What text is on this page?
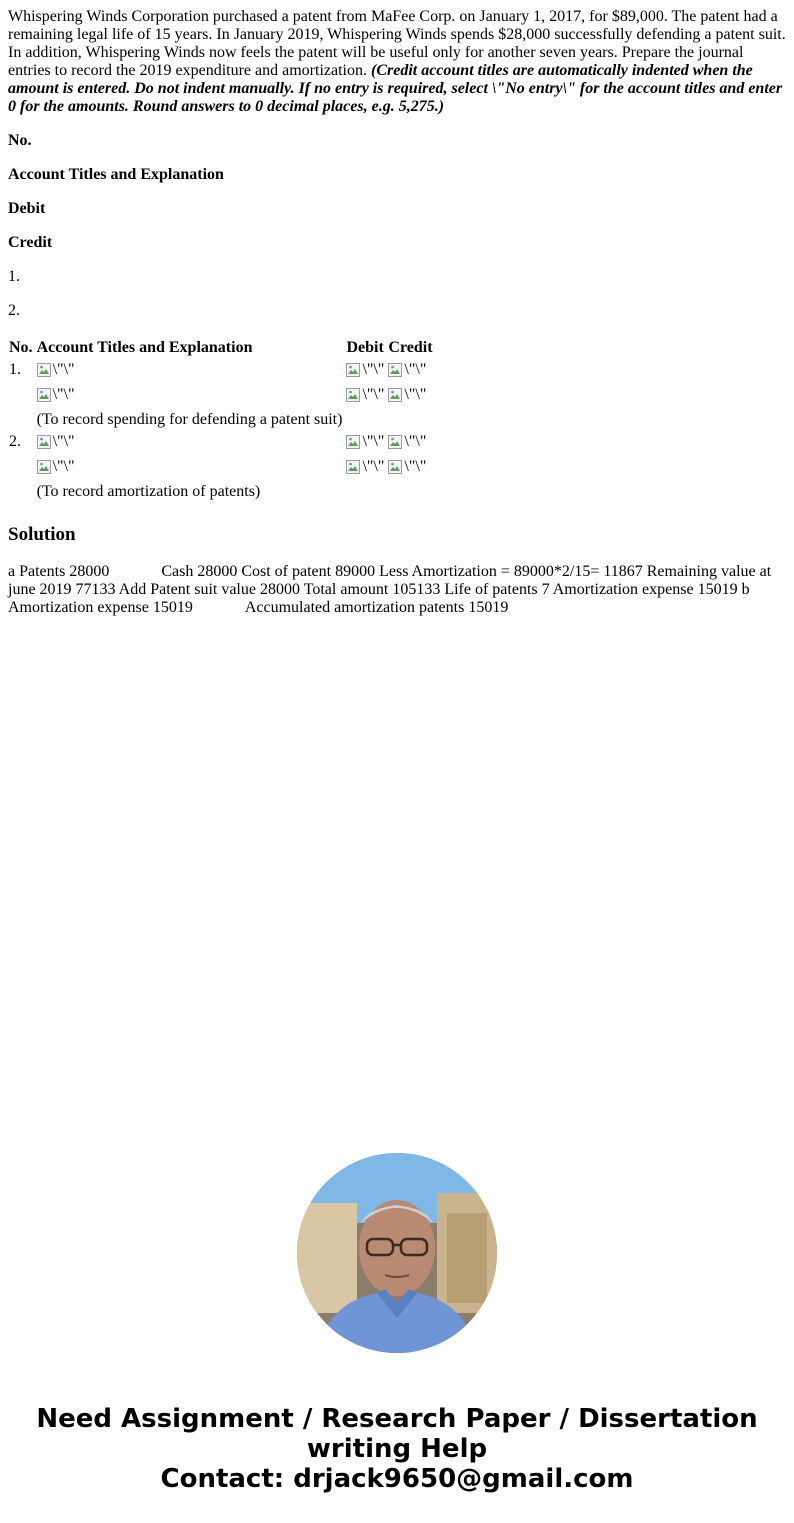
Whispering Winds Corporation purchased a patent from MaFee Corp. on January 1, 2017, for $89,000. The patent had a remaining legal life of 15 years. In January 2019, Whispering Winds spends $28,000 successfully defending a patent suit. In addition, Whispering Winds now feels the patent will be useful only for another seven years. Prepare the journal entries to record the 2019 expenditure and amortization. (Credit account titles are automatically indented when the amount is entered. Do not indent manually. If no entry is required, select \"No entry\" for the account titles and enter 0 for the amounts. Round answers to 0 decimal places, e.g. 5,275.)

No.

Account Titles and Explanation

Debit

Credit

1.

2.

No.	Account Titles and Explanation	Debit	Credit
1.	\"\"	\"\"	\"\"

	\"\"	\"\"	\"\"

	(To record spending for defending a patent suit)		
2.	\"\"	\"\"	\"\"

	\"\"	\"\"	\"\"

	(To record amortization of patents)		
Solution

a Patents 28000	Cash 28000 Cost of patent 89000 Less Amortization = 89000*2/15= 11867 Remaining value at june 2019 77133 Add Patent suit value 28000 Total amount 105133 Life of patents 7 Amortization expense 15019 b Amortization expense 15019	Accumulated amortization patents 15019

Need Assignment / Research Paper / Dissertation
writing Help
Contact: drjack9650@gmail.com
